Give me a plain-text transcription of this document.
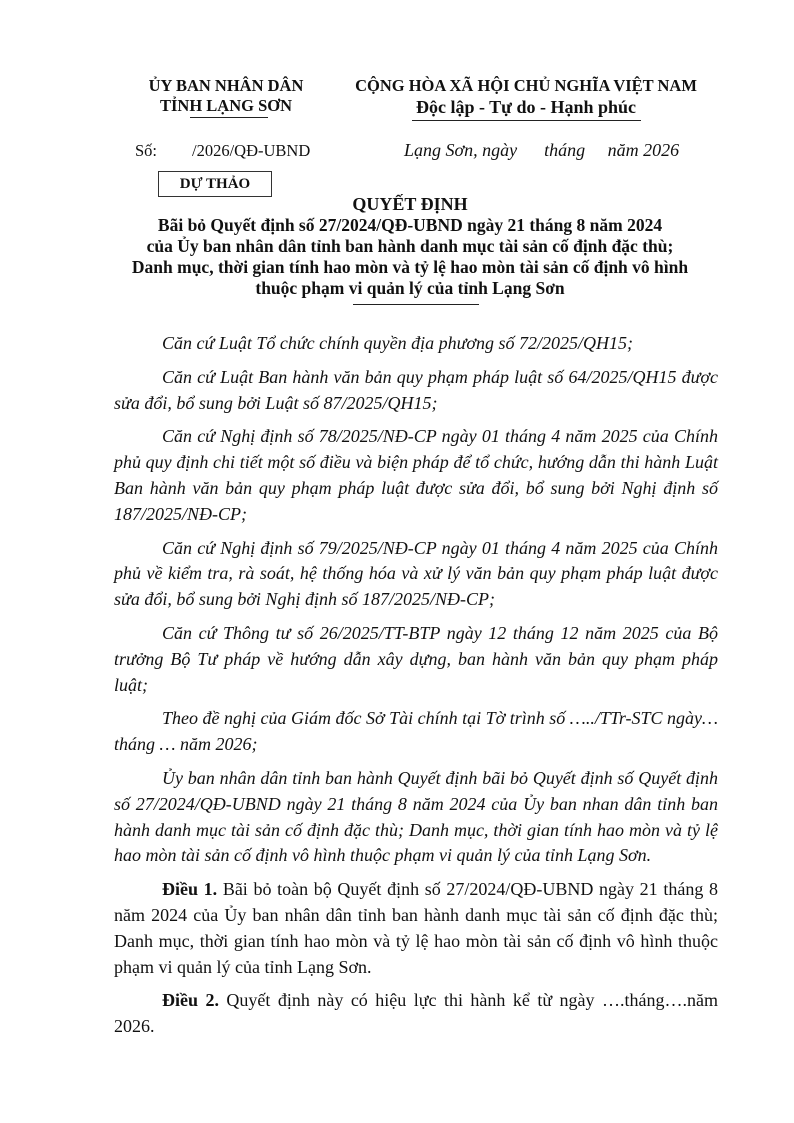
ỦY BAN NHÂN DÂN
TỈNH LẠNG SƠN
CỘNG HÒA XÃ HỘI CHỦ NGHĨA VIỆT NAM
Độc lập - Tự do - Hạnh phúc
Số: /2026/QĐ-UBND	Lạng Sơn, ngày      tháng     năm 2026
DỰ THẢO
QUYẾT ĐỊNH
Bãi bỏ Quyết định số 27/2024/QĐ-UBND ngày 21 tháng 8 năm 2024
của Ủy ban nhân dân tỉnh ban hành danh mục tài sản cố định đặc thù;
Danh mục, thời gian tính hao mòn và tỷ lệ hao mòn tài sản cố định vô hình
thuộc phạm vi quản lý của tỉnh Lạng Sơn

Căn cứ Luật Tổ chức chính quyền địa phương số 72/2025/QH15;

Căn cứ Luật Ban hành văn bản quy phạm pháp luật số 64/2025/QH15 được sửa đổi, bổ sung bởi Luật số 87/2025/QH15;

Căn cứ Nghị định số 78/2025/NĐ-CP ngày 01 tháng 4 năm 2025 của Chính phủ quy định chi tiết một số điều và biện pháp để tổ chức, hướng dẫn thi hành Luật Ban hành văn bản quy phạm pháp luật được sửa đổi, bổ sung bởi Nghị định số 187/2025/NĐ-CP;

Căn cứ Nghị định số 79/2025/NĐ-CP ngày 01 tháng 4 năm 2025 của Chính phủ về kiểm tra, rà soát, hệ thống hóa và xử lý văn bản quy phạm pháp luật được sửa đổi, bổ sung bởi Nghị định số 187/2025/NĐ-CP;

Căn cứ Thông tư số 26/2025/TT-BTP ngày 12 tháng 12 năm 2025 của Bộ trưởng Bộ Tư pháp về hướng dẫn xây dựng, ban hành văn bản quy phạm pháp luật;

Theo đề nghị của Giám đốc Sở Tài chính tại Tờ trình số …../TTr-STC ngày… tháng … năm 2026;

Ủy ban nhân dân tỉnh ban hành Quyết định bãi bỏ Quyết định số Quyết định số 27/2024/QĐ-UBND ngày 21 tháng 8 năm 2024 của Ủy ban nhan dân tỉnh ban hành danh mục tài sản cố định đặc thù; Danh mục, thời gian tính hao mòn và tỷ lệ hao mòn tài sản cố định vô hình thuộc phạm vi quản lý của tỉnh Lạng Sơn.

Điều 1. Bãi bỏ toàn bộ Quyết định số 27/2024/QĐ-UBND ngày 21 tháng 8 năm 2024 của Ủy ban nhân dân tỉnh ban hành danh mục tài sản cố định đặc thù; Danh mục, thời gian tính hao mòn và tỷ lệ hao mòn tài sản cố định vô hình thuộc phạm vi quản lý của tỉnh Lạng Sơn.

Điều 2. Quyết định này có hiệu lực thi hành kể từ ngày ….tháng….năm 2026.
